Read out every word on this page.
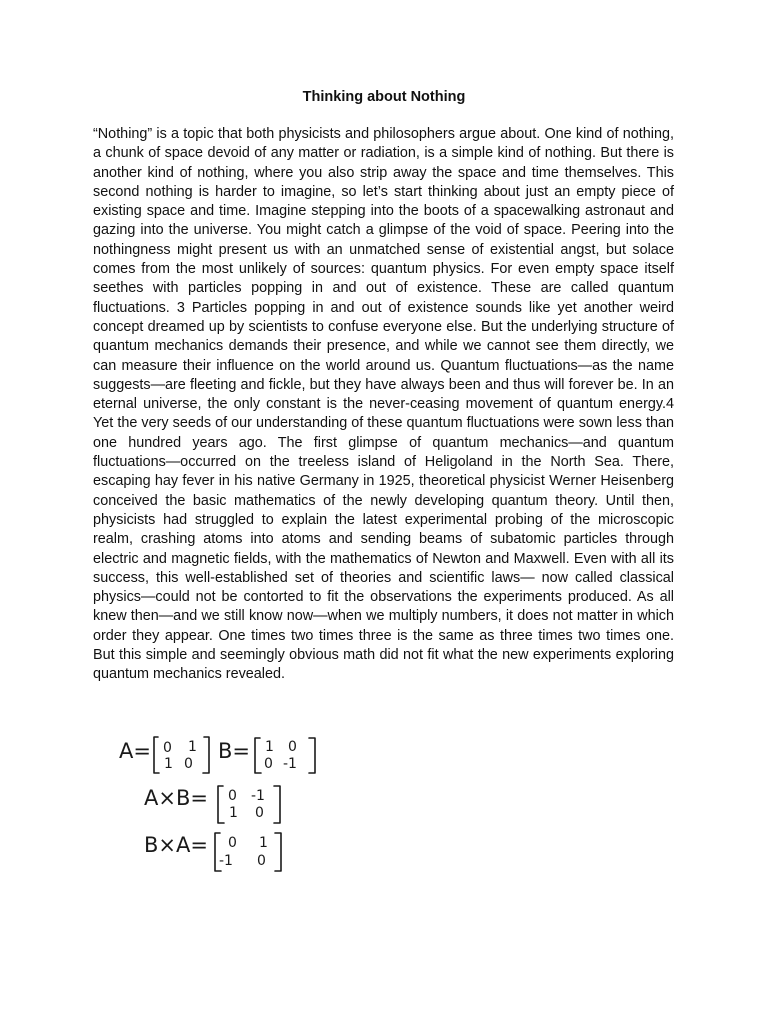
Thinking about Nothing

“Nothing” is a topic that both physicists and philosophers argue about. One kind of nothing, a chunk of space devoid of any matter or radiation, is a simple kind of nothing. But there is another kind of nothing, where you also strip away the space and time themselves. This second nothing is harder to imagine, so let’s start thinking about just an empty piece of existing space and time. Imagine stepping into the boots of a spacewalking astronaut and gazing into the universe. You might catch a glimpse of the void of space. Peering into the nothingness might present us with an unmatched sense of existential angst, but solace comes from the most unlikely of sources: quantum physics. For even empty space itself seethes with particles popping in and out of existence. These are called quantum fluctuations. 3 Particles popping in and out of existence sounds like yet another weird concept dreamed up by scientists to confuse everyone else. But the underlying structure of quantum mechanics demands their presence, and while we cannot see them directly, we can measure their influence on the world around us. Quantum fluctuations—as the name suggests—are fleeting and fickle, but they have always been and thus will forever be. In an eternal universe, the only constant is the never-ceasing movement of quantum energy.4 Yet the very seeds of our understanding of these quantum fluctuations were sown less than one hundred years ago. The first glimpse of quantum mechanics—and quantum fluctuations—occurred on the treeless island of Heligoland in the North Sea. There, escaping hay fever in his native Germany in 1925, theoretical physicist Werner Heisenberg conceived the basic mathematics of the newly developing quantum theory. Until then, physicists had struggled to explain the latest experimental probing of the microscopic realm, crashing atoms into atoms and sending beams of subatomic particles through electric and magnetic fields, with the mathematics of Newton and Maxwell. Even with all its success, this well-established set of theories and scientific laws— now called classical physics—could not be contorted to fit the observations the experiments produced. As all knew then—and we still know now—when we multiply numbers, it does not matter in which order they appear. One times two times three is the same as three times two times one. But this simple and seemingly obvious math did not fit what the new experiments exploring quantum mechanics revealed.

A= 0 1
1 0
B= 1 0
0 -1
A×B= 0 -1
1 0
B×A= 0 1
-1 0
